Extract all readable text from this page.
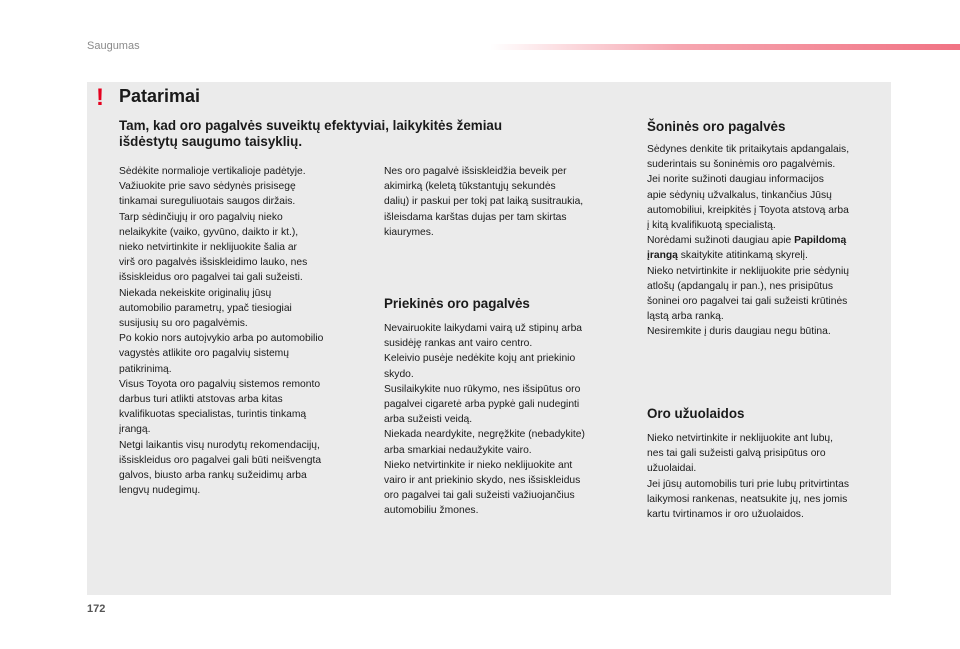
Saugumas
! Patarimai
Tam, kad oro pagalvės suveiktų efektyviai, laikykitės žemiau
išdėstytų saugumo taisyklių.
Sėdėkite normalioje vertikalioje padėtyje.
Važiuokite prie savo sėdynės prisisegę
tinkamai sureguliuotais saugos diržais.
Tarp sėdinčiųjų ir oro pagalvių nieko
nelaikykite (vaiko, gyvūno, daikto ir kt.),
nieko netvirtinkite ir neklijuokite šalia ar
virš oro pagalvės išsiskleidimo lauko, nes
išsiskleidus oro pagalvei tai gali sužeisti.
Niekada nekeiskite originalių jūsų
automobilio parametrų, ypač tiesiogiai
susijusių su oro pagalvėmis.
Po kokio nors autoįvykio arba po automobilio
vagystės atlikite oro pagalvių sistemų
patikrinimą.
Visus Toyota oro pagalvių sistemos remonto
darbus turi atlikti atstovas arba kitas
kvalifikuotas specialistas, turintis tinkamą
įrangą.
Netgi laikantis visų nurodytų rekomendacijų,
išsiskleidus oro pagalvei gali būti neišvengta
galvos, biusto arba rankų sužeidimų arba
lengvų nudegimų.
Nes oro pagalvė išsiskleidžia beveik per
akimirką (keletą tūkstantųjų sekundės
dalių) ir paskui per tokį pat laiką susitraukia,
išleisdama karštas dujas per tam skirtas
kiaurymes.
Priekinės oro pagalvės
Nevairuokite laikydami vairą už stipinų arba
susidėję rankas ant vairo centro.
Keleivio pusėje nedėkite kojų ant priekinio
skydo.
Susilaikykite nuo rūkymo, nes išsipūtus oro
pagalvei cigaretė arba pypkė gali nudeginti
arba sužeisti veidą.
Niekada neardykite, negręžkite (nebadykite)
arba smarkiai nedaužykite vairo.
Nieko netvirtinkite ir nieko neklijuokite ant
vairo ir ant priekinio skydo, nes išsiskleidus
oro pagalvei tai gali sužeisti važiuojančius
automobiliu žmones.
Šoninės oro pagalvės
Sėdynes denkite tik pritaikytais apdangalais,
suderintais su šoninėmis oro pagalvėmis.
Jei norite sužinoti daugiau informacijos
apie sėdynių užvalkalus, tinkančius Jūsų
automobiliui, kreipkitės į Toyota atstovą arba
į kitą kvalifikuotą specialistą.
Norėdami sužinoti daugiau apie Papildomą
įrangą skaitykite atitinkamą skyrelį.
Nieko netvirtinkite ir neklijuokite prie sėdynių
atlošų (apdangalų ir pan.), nes prisipūtus
šoninei oro pagalvei tai gali sužeisti krūtinės
ląstą arba ranką.
Nesiremkite į duris daugiau negu būtina.
Oro užuolaidos
Nieko netvirtinkite ir neklijuokite ant lubų,
nes tai gali sužeisti galvą prisipūtus oro
užuolaidai.
Jei jūsų automobilis turi prie lubų pritvirtintas
laikymosi rankenas, neatsukite jų, nes jomis
kartu tvirtinamos ir oro užuolaidos.
172
